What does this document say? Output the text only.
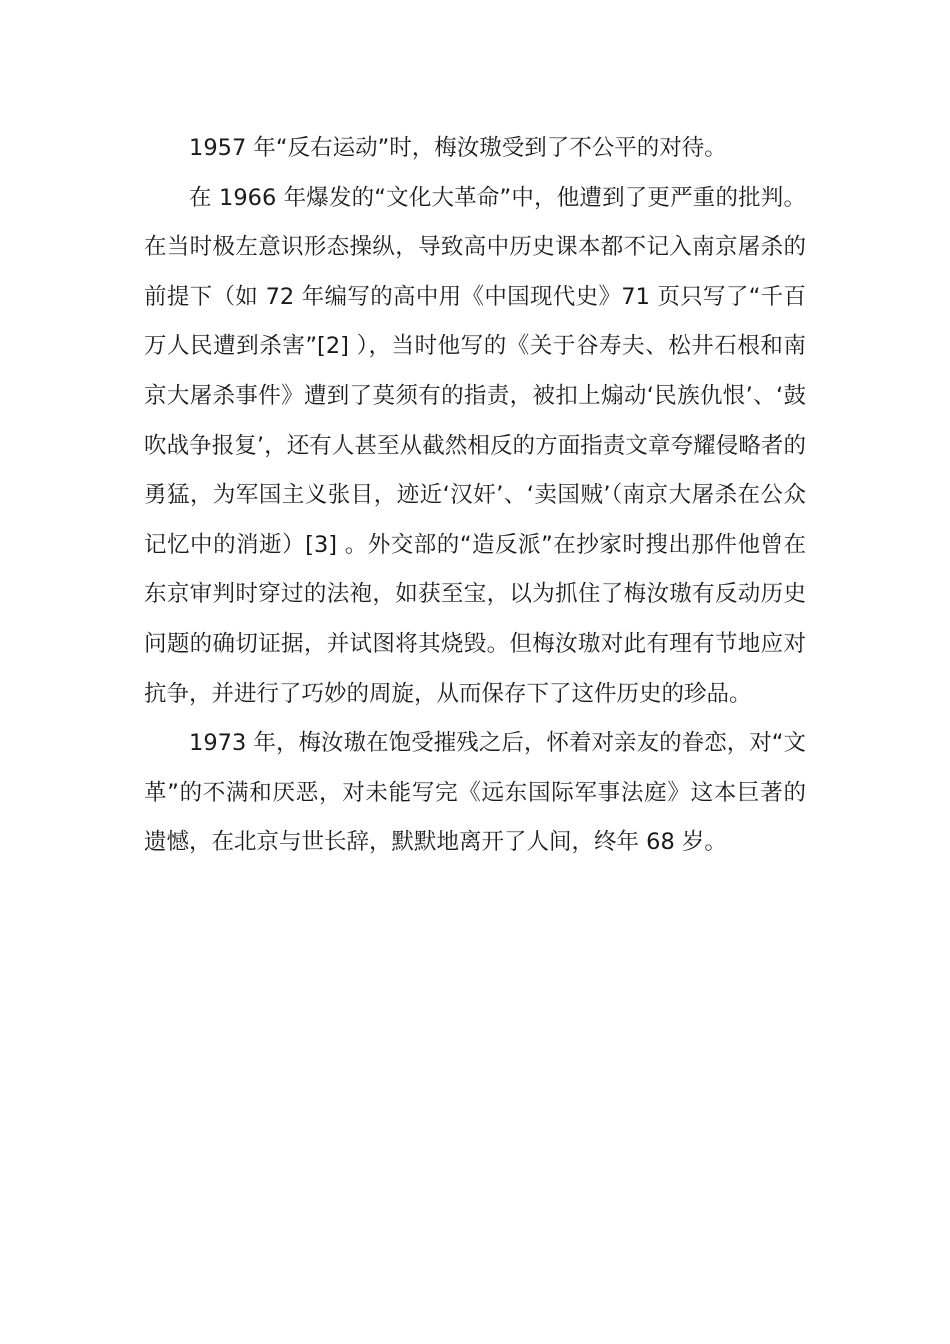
1957 年“反右运动”时，梅汝璈受到了不公平的对待。

在 1966 年爆发的“文化大革命”中，他遭到了更严重的批判。在当时极左意识形态操纵，导致高中历史课本都不记入南京屠杀的前提下（如 72 年编写的高中用《中国现代史》71 页只写了“千百万人民遭到杀害”[2] ），当时他写的《关于谷寿夫、松井石根和南京大屠杀事件》遭到了莫须有的指责，被扣上煽动‘民族仇恨’、‘鼓吹战争报复’，还有人甚至从截然相反的方面指责文章夸耀侵略者的勇猛，为军国主义张目，迹近‘汉奸’、‘卖国贼’（南京大屠杀在公众记忆中的消逝）[3] 。外交部的“造反派”在抄家时搜出那件他曾在东京审判时穿过的法袍，如获至宝，以为抓住了梅汝璈有反动历史问题的确切证据，并试图将其烧毁。但梅汝璈对此有理有节地应对抗争，并进行了巧妙的周旋，从而保存下了这件历史的珍品。

1973 年，梅汝璈在饱受摧残之后，怀着对亲友的眷恋，对“文革”的不满和厌恶，对未能写完《远东国际军事法庭》这本巨著的遗憾，在北京与世长辞，默默地离开了人间，终年 68 岁。
